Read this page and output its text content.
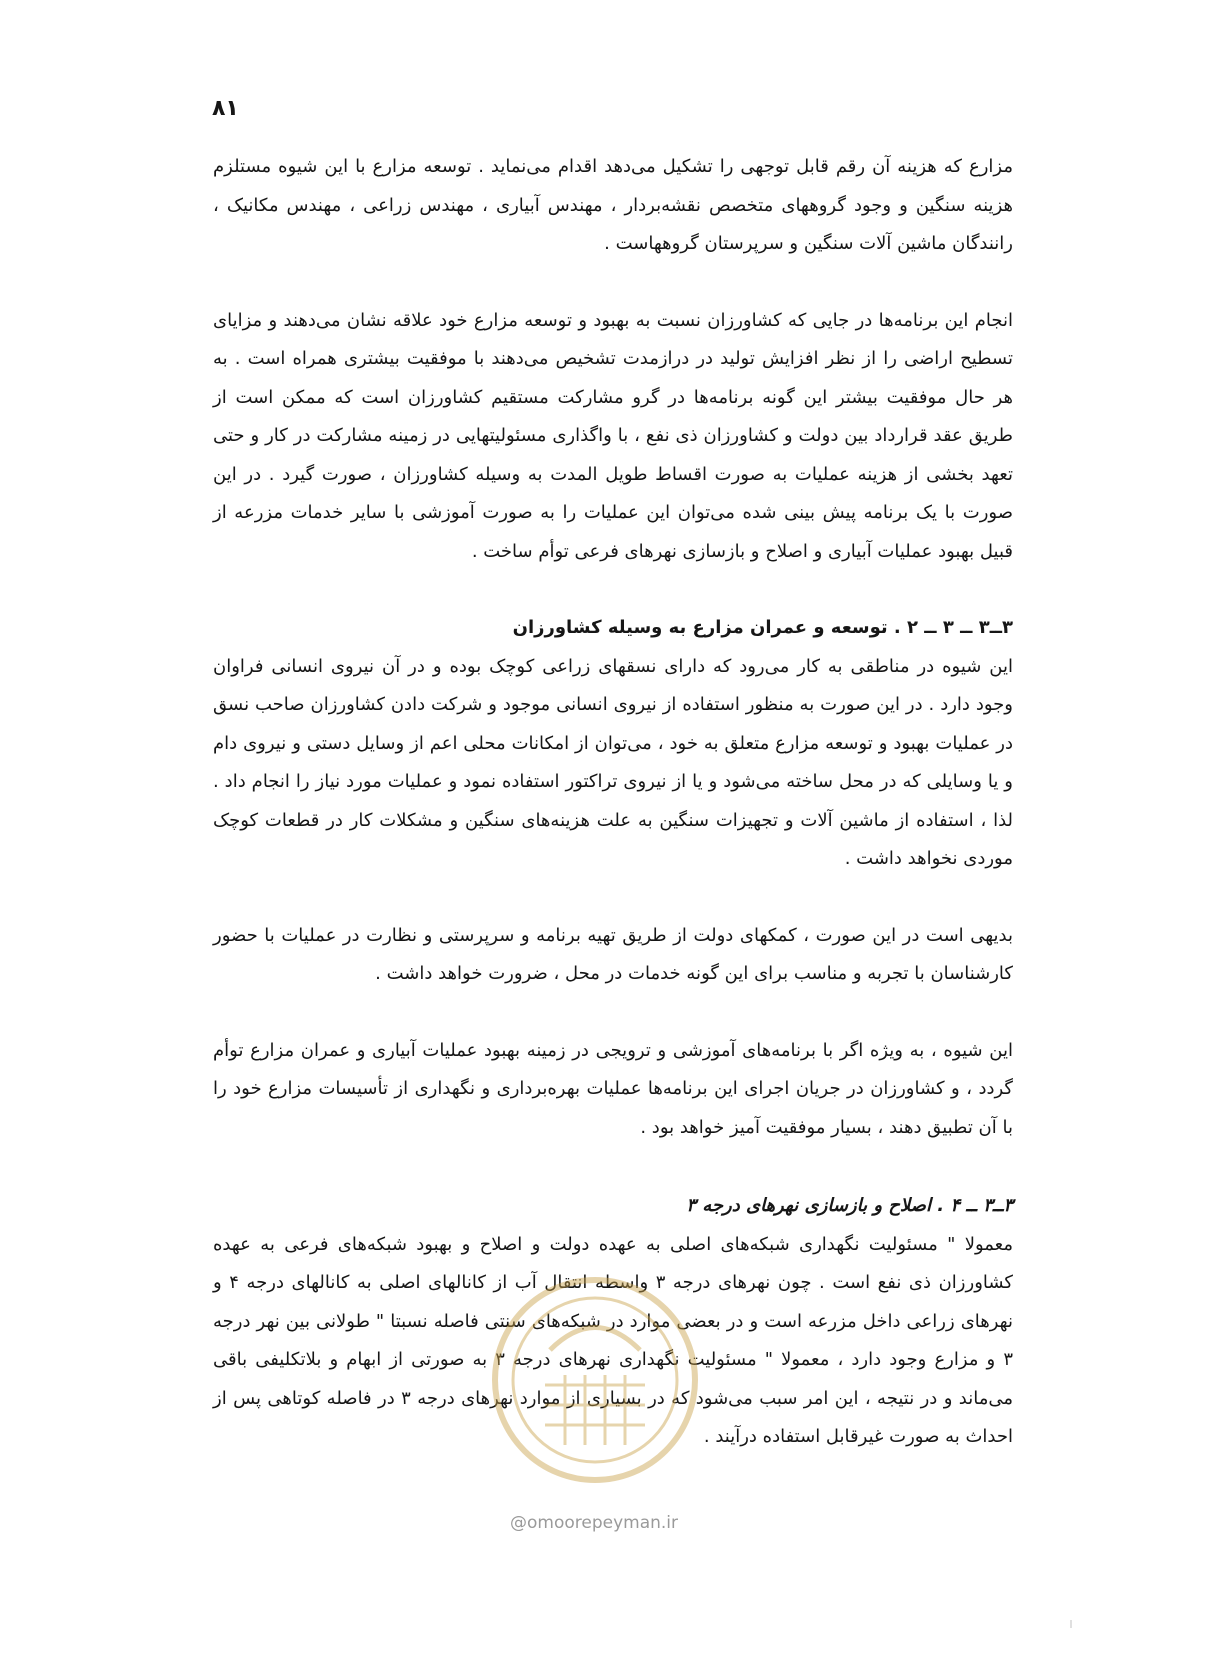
۸۱

مزارع که هزینه آن رقم قابل توجهی را تشکیل می‌دهد اقدام می‌نماید . توسعه مزارع با این شیوه مستلزم هزینه سنگین و وجود گروههای متخصص نقشه‌بردار ، مهندس آبیاری ، مهندس زراعی ، مهندس مکانیک ، رانندگان ماشین آلات سنگین و سرپرستان گروههاست .

انجام این برنامه‌ها در جایی که کشاورزان نسبت به بهبود و توسعه مزارع خود علاقه نشان می‌دهند و مزایای تسطیح اراضی را از نظر افزایش تولید در درازمدت تشخیص می‌دهند با موفقیت بیشتری همراه است . به هر حال موفقیت بیشتر این گونه برنامه‌ها در گرو مشارکت مستقیم کشاورزان است که ممکن است از طریق عقد قرارداد بین دولت و کشاورزان ذی نفع ، با واگذاری مسئولیتهایی در زمینه مشارکت در کار و حتی تعهد بخشی از هزینه عملیات به صورت اقساط طویل المدت به وسیله کشاورزان ، صورت گیرد . در این صورت با یک برنامه پیش بینی شده می‌توان این عملیات را به صورت آموزشی با سایر خدمات مزرعه از قبیل بهبود عملیات آبیاری و اصلاح و بازسازی نهرهای فرعی توأم ساخت .

۳ــ۳ ــ ۳ ــ ۲ . توسعه و عمران مزارع به وسیله کشاورزان

این شیوه در مناطقی به کار می‌رود که دارای نسقهای زراعی کوچک بوده و در آن نیروی انسانی فراوان وجود دارد . در این صورت به منظور استفاده از نیروی انسانی موجود و شرکت دادن کشاورزان صاحب نسق در عملیات بهبود و توسعه مزارع متعلق به خود ، می‌توان از امکانات محلی اعم از وسایل دستی و نیروی دام و یا وسایلی که در محل ساخته می‌شود و یا از نیروی تراکتور استفاده نمود و عملیات مورد نیاز را انجام داد . لذا ، استفاده از ماشین آلات و تجهیزات سنگین به علت هزینه‌های سنگین و مشکلات کار در قطعات کوچک موردی نخواهد داشت .

بدیهی است در این صورت ، کمکهای دولت از طریق تهیه برنامه و سرپرستی و نظارت در عملیات با حضور کارشناسان با تجربه و مناسب برای این گونه خدمات در محل ، ضرورت خواهد داشت .

این شیوه ، به ویژه اگر با برنامه‌های آموزشی و ترویجی در زمینه بهبود عملیات آبیاری و عمران مزارع توأم گردد ، و کشاورزان در جریان اجرای این برنامه‌ها عملیات بهره‌برداری و نگهداری از تأسیسات مزارع خود را با آن تطبیق دهند ، بسیار موفقیت آمیز خواهد بود .

۳ــ۳ ــ ۴ . اصلاح و بازسازی نهرهای درجه ۳

معمولا " مسئولیت نگهداری شبکه‌های اصلی به عهده دولت و اصلاح و بهبود شبکه‌های فرعی به عهده کشاورزان ذی نفع است . چون نهرهای درجه ۳ واسطه انتقال آب از کانالهای اصلی به کانالهای درجه ۴ و نهرهای زراعی داخل مزرعه است و در بعضی موارد در شبکه‌های سنتی فاصله نسبتا " طولانی بین نهر درجه ۳ و مزارع وجود دارد ، معمولا " مسئولیت نگهداری نهرهای درجه ۳ به صورتی از ابهام و بلاتکلیفی باقی می‌ماند و در نتیجه ، این امر سبب می‌شود که در بسیاری از موارد نهرهای درجه ۳ در فاصله کوتاهی پس از احداث به صورت غیرقابل استفاده درآیند .

@omoorepeyman.ir
